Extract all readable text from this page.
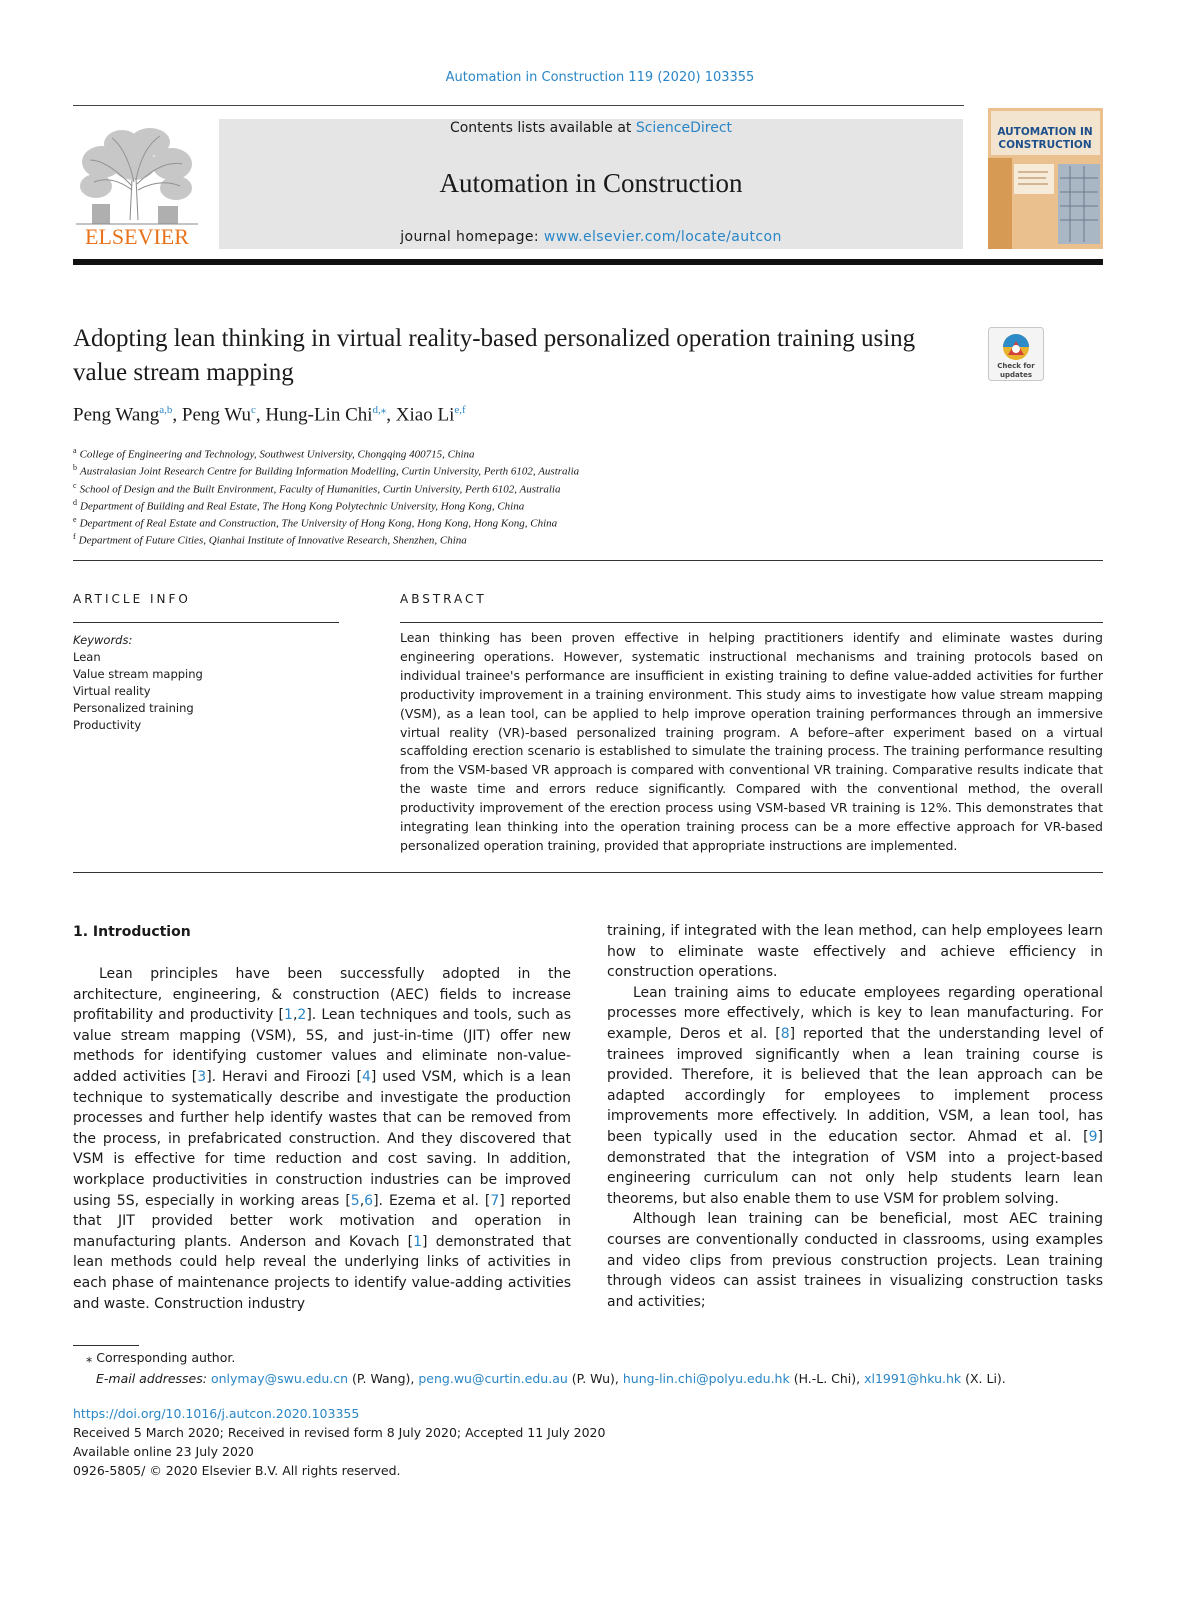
Automation in Construction 119 (2020) 103355
ELSEVIER
Contents lists available at ScienceDirect
Automation in Construction
journal homepage: www.elsevier.com/locate/autcon
AUTOMATION IN
CONSTRUCTION
Adopting lean thinking in virtual reality-based personalized operation training using value stream mapping	Check for
updates
Peng Wang$^{a,b}$, Peng Wu$^c$, Hung-Lin Chi$^{d,⁎}$, Xiao Li$^{e,f}$
$^a$ College of Engineering and Technology, Southwest University, Chongqing 400715, China
$^b$ Australasian Joint Research Centre for Building Information Modelling, Curtin University, Perth 6102, Australia
$^c$ School of Design and the Built Environment, Faculty of Humanities, Curtin University, Perth 6102, Australia
$^d$ Department of Building and Real Estate, The Hong Kong Polytechnic University, Hong Kong, China
$^e$ Department of Real Estate and Construction, The University of Hong Kong, Hong Kong, Hong Kong, China
$^f$ Department of Future Cities, Qianhai Institute of Innovative Research, Shenzhen, China
ARTICLE INFO	ABSTRACT
Keywords:
Lean
Value stream mapping
Virtual reality
Personalized training
Productivity
Lean thinking has been proven effective in helping practitioners identify and eliminate wastes during engineering operations. However, systematic instructional mechanisms and training protocols based on individual trainee's performance are insufficient in existing training to define value-added activities for further productivity improvement in a training environment. This study aims to investigate how value stream mapping (VSM), as a lean tool, can be applied to help improve operation training performances through an immersive virtual reality (VR)-based personalized training program. A before–after experiment based on a virtual scaffolding erection scenario is established to simulate the training process. The training performance resulting from the VSM-based VR approach is compared with conventional VR training. Comparative results indicate that the waste time and errors reduce significantly. Compared with the conventional method, the overall productivity improvement of the erection process using VSM-based VR training is 12%. This demonstrates that integrating lean thinking into the operation training process can be a more effective approach for VR-based personalized operation training, provided that appropriate instructions are implemented.
1. Introduction

Lean principles have been successfully adopted in the architecture, engineering, & construction (AEC) fields to increase profitability and productivity [1,2]. Lean techniques and tools, such as value stream mapping (VSM), 5S, and just-in-time (JIT) offer new methods for identifying customer values and eliminate non-value-added activities [3]. Heravi and Firoozi [4] used VSM, which is a lean technique to systematically describe and investigate the production processes and further help identify wastes that can be removed from the process, in prefabricated construction. And they discovered that VSM is effective for time reduction and cost saving. In addition, workplace productivities in construction industries can be improved using 5S, especially in working areas [5,6]. Ezema et al. [7] reported that JIT provided better work motivation and operation in manufacturing plants. Anderson and Kovach [1] demonstrated that lean methods could help reveal the underlying links of activities in each phase of maintenance projects to identify value-adding activities and waste. Construction industry

training, if integrated with the lean method, can help employees learn how to eliminate waste effectively and achieve efficiency in construction operations.

Lean training aims to educate employees regarding operational processes more effectively, which is key to lean manufacturing. For example, Deros et al. [8] reported that the understanding level of trainees improved significantly when a lean training course is provided. Therefore, it is believed that the lean approach can be adapted accordingly for employees to implement process improvements more effectively. In addition, VSM, a lean tool, has been typically used in the education sector. Ahmad et al. [9] demonstrated that the integration of VSM into a project-based engineering curriculum can not only help students learn lean theorems, but also enable them to use VSM for problem solving.

Although lean training can be beneficial, most AEC training courses are conventionally conducted in classrooms, using examples and video clips from previous construction projects. Lean training through videos can assist trainees in visualizing construction tasks and activities;

⁎ Corresponding author.
E-mail addresses: onlymay@swu.edu.cn (P. Wang), peng.wu@curtin.edu.au (P. Wu), hung-lin.chi@polyu.edu.hk (H.-L. Chi), xl1991@hku.hk (X. Li).
https://doi.org/10.1016/j.autcon.2020.103355
Received 5 March 2020; Received in revised form 8 July 2020; Accepted 11 July 2020
Available online 23 July 2020
0926-5805/ © 2020 Elsevier B.V. All rights reserved.
